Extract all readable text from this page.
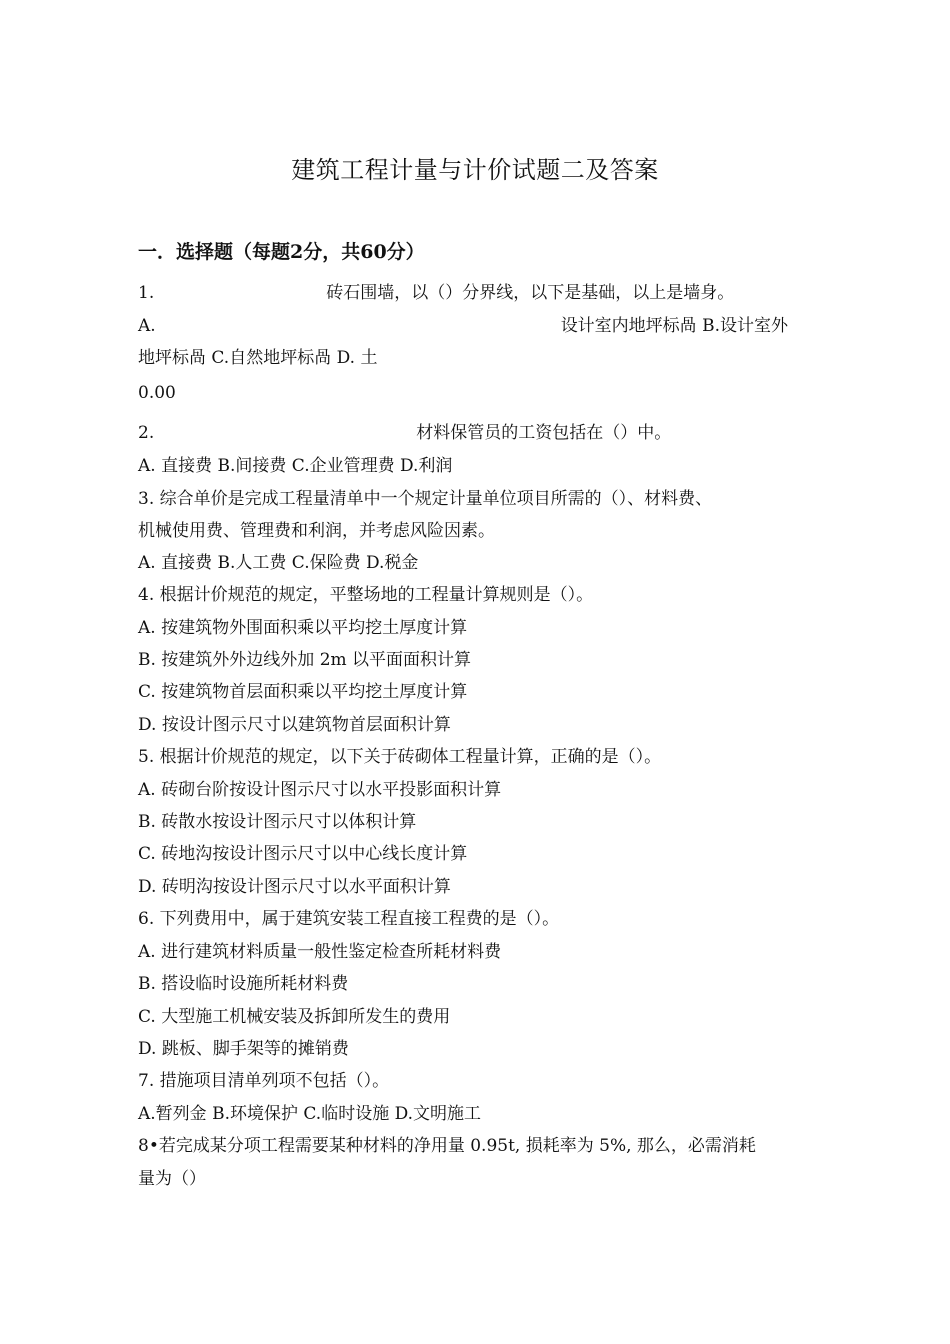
建筑工程计量与计价试题二及答案
一．选择题（每题2分，共60分）
1.	砖石围墙，以（）分界线，以下是基础，以上是墙身。
A.	设计室内地坪标咼 B.设计室外
地坪标咼 C.自然地坪标咼 D. 土
0.00
2.	材料保管员的工资包括在（）中。
A. 直接费 B.间接费 C.企业管理费 D.利润
3. 综合单价是完成工程量清单中一个规定计量单位项目所需的（）、材料费、
机械使用费、管理费和利润，并考虑风险因素。
A. 直接费 B.人工费 C.保险费 D.税金
4. 根据计价规范的规定，平整场地的工程量计算规则是（）。
A. 按建筑物外围面积乘以平均挖土厚度计算
B. 按建筑外外边线外加 2m 以平面面积计算
C. 按建筑物首层面积乘以平均挖土厚度计算
D. 按设计图示尺寸以建筑物首层面积计算
5. 根据计价规范的规定，以下关于砖砌体工程量计算，正确的是（）。
A. 砖砌台阶按设计图示尺寸以水平投影面积计算
B. 砖散水按设计图示尺寸以体积计算
C. 砖地沟按设计图示尺寸以中心线长度计算
D. 砖明沟按设计图示尺寸以水平面积计算
6. 下列费用中，属于建筑安装工程直接工程费的是（）。
A. 进行建筑材料质量一般性鉴定检查所耗材料费
B. 搭设临时设施所耗材料费
C. 大型施工机械安装及拆卸所发生的费用
D. 跳板、脚手架等的摊销费
7. 措施项目清单列项不包括（）。
A.暂列金 B.环境保护 C.临时设施 D.文明施工
8•若完成某分项工程需要某种材料的净用量 0.95t, 损耗率为 5%, 那么，必需消耗
量为（）
